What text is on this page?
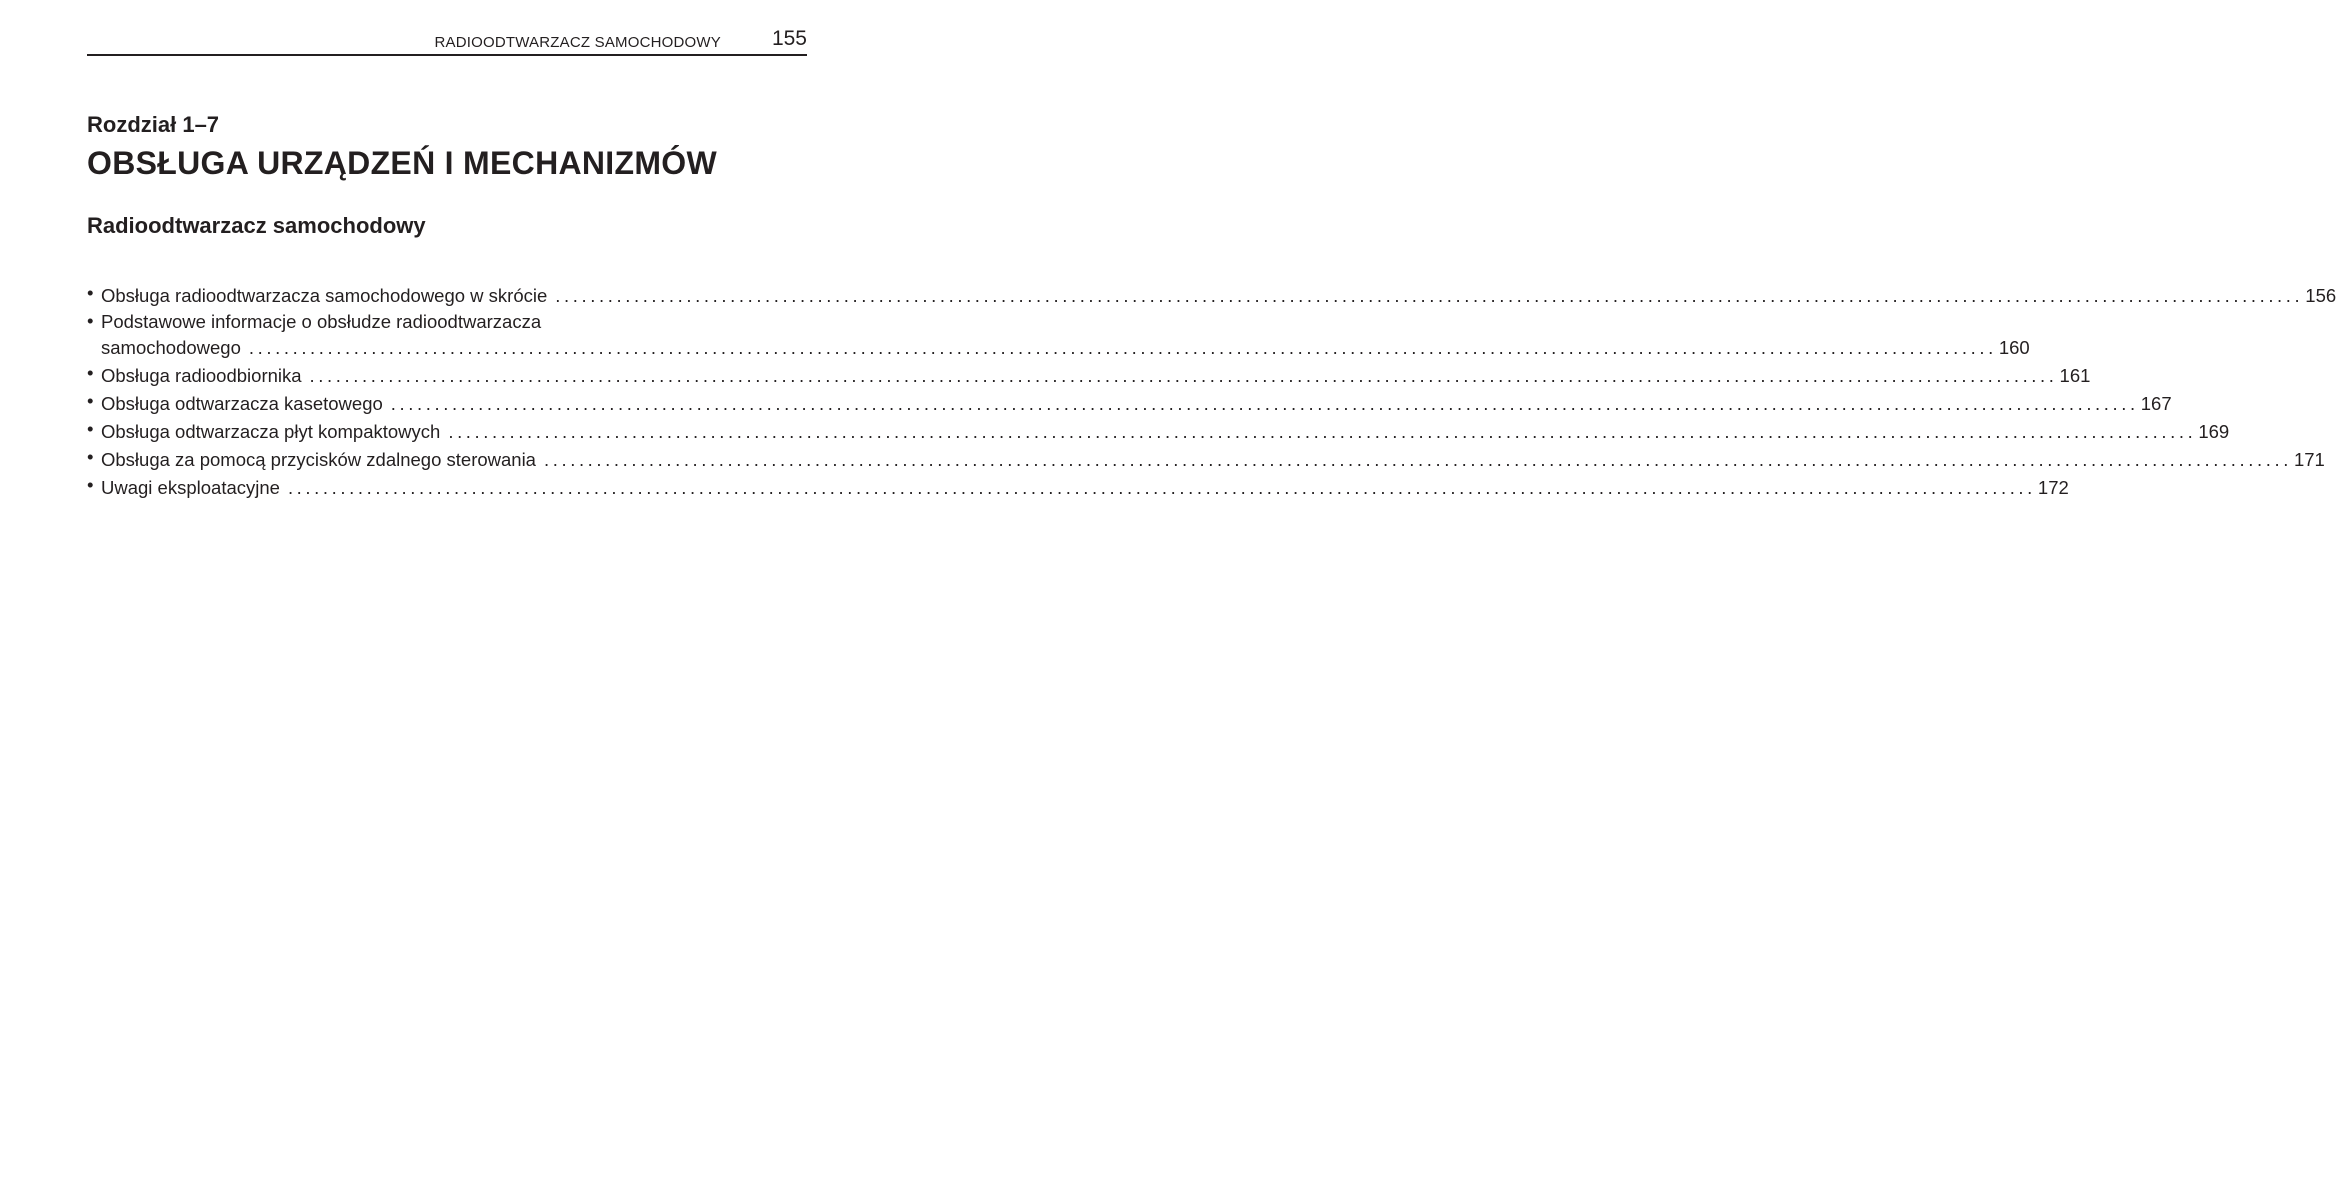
RADIOODTWARZACZ SAMOCHODOWY 155
Rozdział 1–7
OBSŁUGA URZĄDZEŃ I MECHANIZMÓW
Radioodtwarzacz samochodowy
• Obsługa radioodtwarzacza samochodowego w skrócie ........................................................................................................................................................................................................ 156
• Podstawowe informacje o obsłudze radioodtwarzacza
samochodowego ........................................................................................................................................................................................................ 160
• Obsługa radioodbiornika ........................................................................................................................................................................................................ 161
• Obsługa odtwarzacza kasetowego ........................................................................................................................................................................................................ 167
• Obsługa odtwarzacza płyt kompaktowych ........................................................................................................................................................................................................ 169
• Obsługa za pomocą przycisków zdalnego sterowania ........................................................................................................................................................................................................ 171
• Uwagi eksploatacyjne ........................................................................................................................................................................................................ 172
